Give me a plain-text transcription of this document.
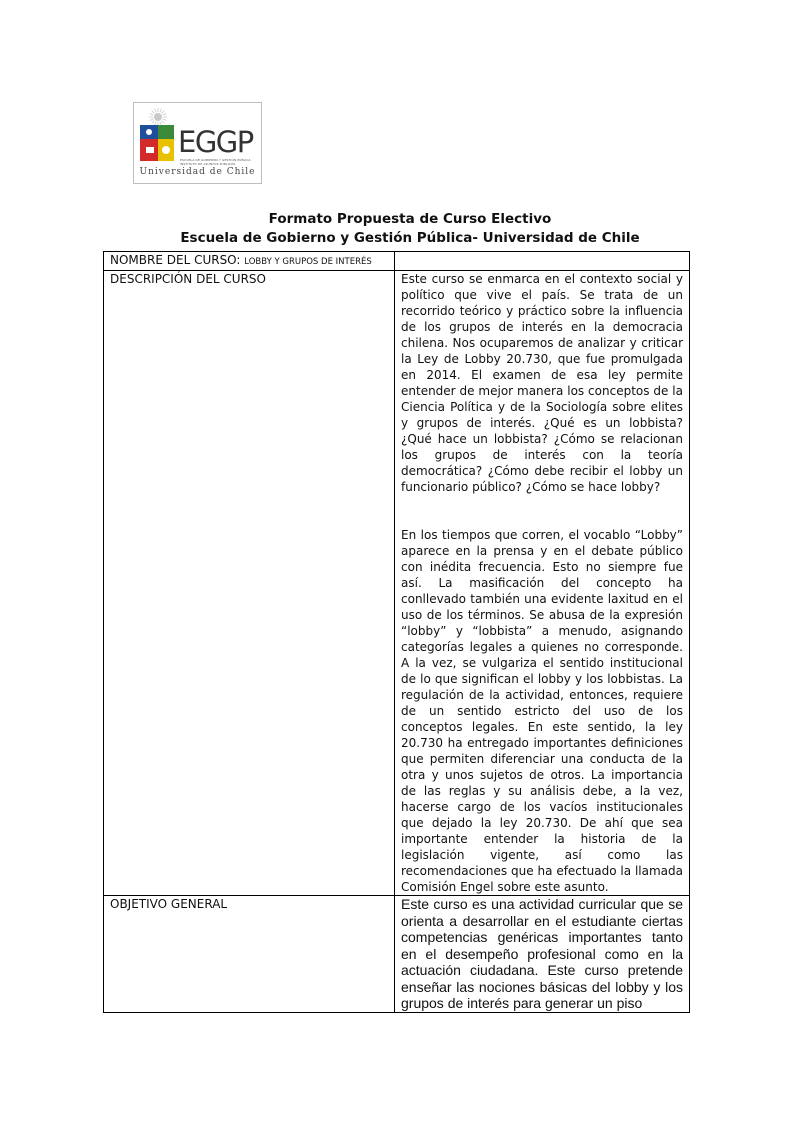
EGGP

ESCUELA DE GOBIERNO Y GESTIÓN PÚBLICA

INSTITUTO DE ASUNTOS PÚBLICOS

Universidad de Chile

Formato Propuesta de Curso Electivo

Escuela de Gobierno y Gestión Pública- Universidad de Chile

NOMBRE DEL CURSO: LOBBY Y GRUPOS DE INTERÉS	
DESCRIPCIÓN DEL CURSO	Este curso se enmarca en el contexto social y político que vive el país. Se trata de un recorrido teórico y práctico sobre la influencia de los grupos de interés en la democracia chilena. Nos ocuparemos de analizar y criticar la Ley de Lobby 20.730, que fue promulgada en 2014. El examen de esa ley permite entender de mejor manera los conceptos de la Ciencia Política y de la Sociología sobre elites y grupos de interés. ¿Qué es un lobbista? ¿Qué hace un lobbista? ¿Cómo se relacionan los grupos de interés con la teoría democrática? ¿Cómo debe recibir el lobby un funcionario público? ¿Cómo se hace lobby?

En los tiempos que corren, el vocablo “Lobby” aparece en la prensa y en el debate público con inédita frecuencia. Esto no siempre fue así. La masificación del concepto ha conllevado también una evidente laxitud en el uso de los términos. Se abusa de la expresión “lobby” y “lobbista” a menudo, asignando categorías legales a quienes no corresponde. A la vez, se vulgariza el sentido institucional de lo que significan el lobby y los lobbistas. La regulación de la actividad, entonces, requiere de un sentido estricto del uso de los conceptos legales. En este sentido, la ley 20.730 ha entregado importantes definiciones que permiten diferenciar una conducta de la otra y unos sujetos de otros. La importancia de las reglas y su análisis debe, a la vez, hacerse cargo de los vacíos institucionales que dejado la ley 20.730. De ahí que sea importante entender la historia de la legislación vigente, así como las recomendaciones que ha efectuado la llamada Comisión Engel sobre este asunto.

OBJETIVO GENERAL	Este curso es una actividad curricular que se orienta a desarrollar en el estudiante ciertas competencias genéricas importantes tanto en el desempeño profesional como en la actuación ciudadana. Este curso pretende enseñar las nociones básicas del lobby y los grupos de interés para generar un piso
